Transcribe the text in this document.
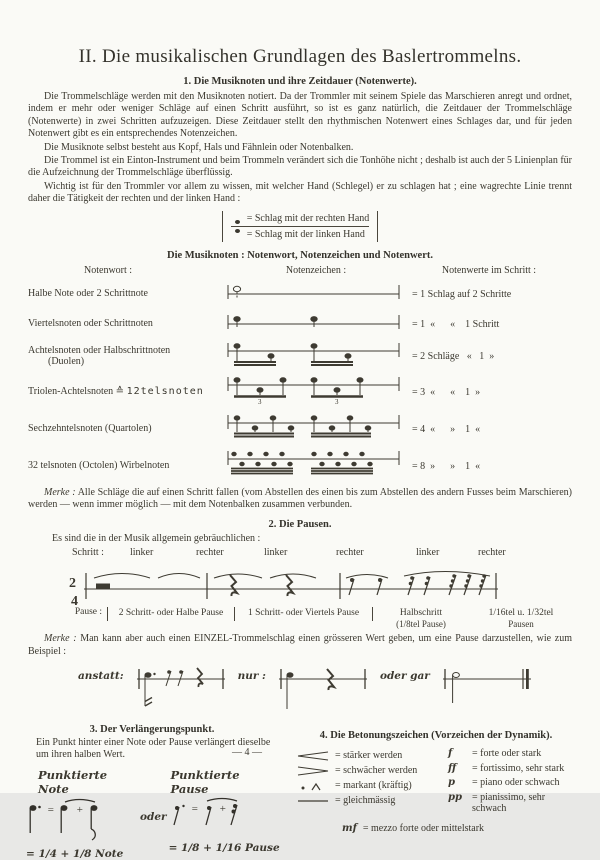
II. Die musikalischen Grundlagen des Baslertrommelns.
1. Die Musiknoten und ihre Zeitdauer (Notenwerte).

Die Trommelschläge werden mit den Musiknoten notiert. Da der Trommler mit seinem Spiele das Marschieren anregt und ordnet, indem er mehr oder weniger Schläge auf einen Schritt ausführt, so ist es ganz natürlich, die Zeitdauer der Trommelschläge (Notenwerte) in zwei Schritten aufzuzeigen. Diese Zeitdauer stellt den rhythmischen Notenwert eines Schlages dar, und für jeden Notenwert gibt es ein entsprechendes Notenzeichen.

Die Musiknote selbst besteht aus Kopf, Hals und Fähnlein oder Notenbalken.

Die Trommel ist ein Einton-Instrument und beim Trommeln verändert sich die Tonhöhe nicht ; deshalb ist auch der 5 Linienplan für die Aufzeichnung der Trommelschläge überflüssig.

Wichtig ist für den Trommler vor allem zu wissen, mit welcher Hand (Schlegel) er zu schlagen hat ; eine wagrechte Linie trennt daher die Tätigkeit der rechten und der linken Hand :

= Schlag mit der rechten Hand
= Schlag mit der linken Hand
Die Musiknoten : Notenwort, Notenzeichen und Notenwert.
Notenwort :	Notenzeichen :	Notenwerte im Schritt :
Halbe Note oder 2 Schrittnote	= 1 Schlag auf 2 Schritte
Viertelsnoten oder Schrittnoten	= 1  «      «    1 Schritt
Achtelsnoten oder Halbschrittnoten
(Duolen)	= 2 Schläge   «   1  »
Triolen-Achtelsnoten ≙ 12telsnoten
3	3
= 3  «      «    1  »
Sechzehntelsnoten (Quartolen)	= 4  «      »    1  «
32 telsnoten (Octolen) Wirbelnoten	= 8  »      »    1  «

Merke : Alle Schläge die auf einen Schritt fallen (vom Abstellen des einen bis zum Abstellen des andern Fusses beim Marschieren) werden — wenn immer möglich — mit dem Notenbalken zusammen verbunden.

2. Die Pausen.

Es sind die in der Musik allgemein gebräuchlichen :

Schritt :	linker	rechter	linker	rechter	linker	rechter
2
4
Pause :	2 Schritt- oder Halbe Pause	1 Schritt- oder Viertels Pause	Halbschritt
(1/8tel Pause)
1/16tel u. 1/32tel
Pausen

Merke : Man kann aber auch einen EINZEL-Trommelschlag einen grösseren Wert geben, um eine Pause darzustellen, wie zum Beispiel :

anstatt:	nur :	oder gar
3. Der Verlängerungspunkt.

Ein Punkt hinter einer Note oder Pause verlängert dieselbe um ihren halben Wert.

Punktierte Note
Punktierte Pause
= +
= 1/4 + 1/8 Note
oder
= +
= 1/8 + 1/16 Pause
4. Die Betonungszeichen (Vorzeichen der Dynamik).
= stärker werden
= schwächer werden
= markant (kräftig)
= gleichmässig
f	= forte oder stark
ff	= fortissimo, sehr stark
p	= piano oder schwach
pp	= pianissimo, sehr schwach
mf = mezzo forte oder mittelstark
— 4 —
